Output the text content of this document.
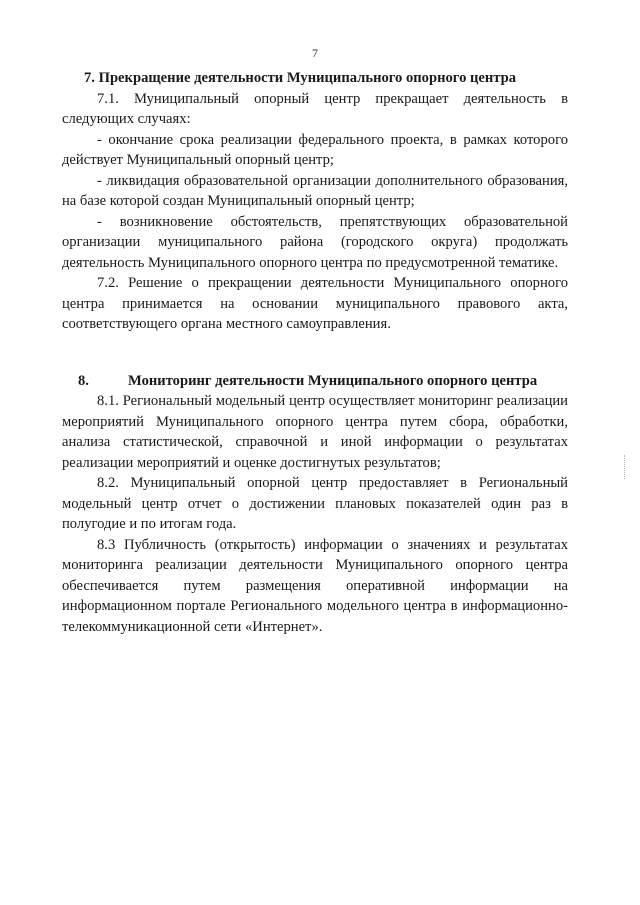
7
7. Прекращение деятельности Муниципального опорного центра

7.1. Муниципальный опорный центр прекращает деятельность в следующих случаях:

- окончание срока реализации федерального проекта, в рамках которого действует Муниципальный опорный центр;

- ликвидация образовательной организации дополнительного образования, на базе которой создан Муниципальный опорный центр;

- возникновение обстоятельств, препятствующих образовательной организации муниципального района (городского округа) продолжать деятельность Муниципального опорного центра по предусмотренной тематике.

7.2. Решение о прекращении деятельности Муниципального опорного центра принимается на основании муниципального правового акта, соответствующего органа местного самоуправления.

8.	Мониторинг деятельности Муниципального опорного центра

8.1. Региональный модельный центр осуществляет мониторинг реализации мероприятий Муниципального опорного центра путем сбора, обработки, анализа статистической, справочной и иной информации о результатах реализации мероприятий и оценке достигнутых результатов;

8.2. Муниципальный опорной центр предоставляет в Региональный модельный центр отчет о достижении плановых показателей один раз в полугодие и по итогам года.

8.3 Публичность (открытость) информации о значениях и результатах мониторинга реализации деятельности Муниципального опорного центра обеспечивается путем размещения оперативной информации на информационном портале Регионального модельного центра в информационно-телекоммуникационной сети «Интернет».
